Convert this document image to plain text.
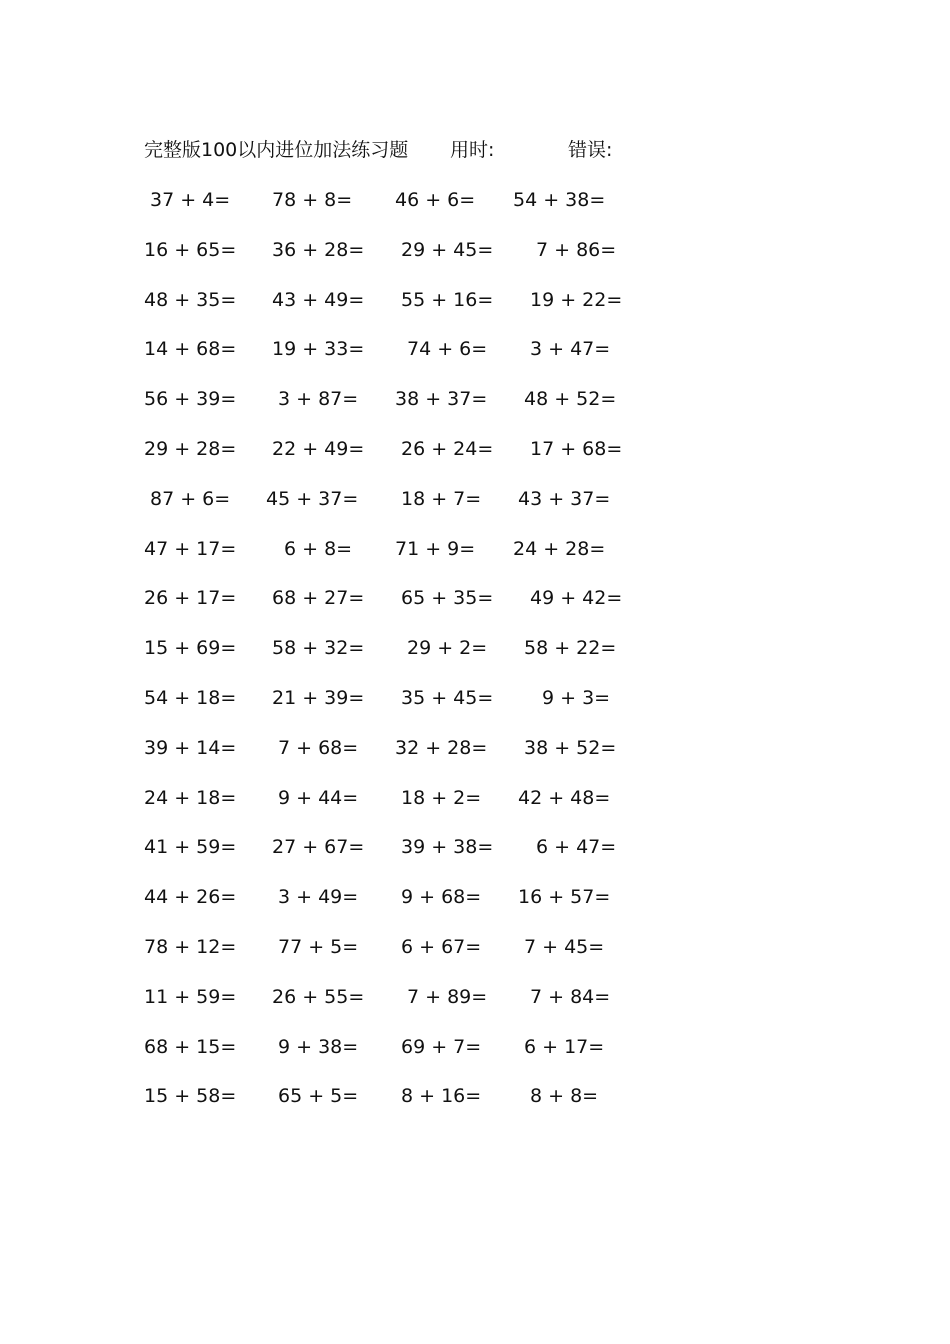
完整版100以内进位加法练习题 用时:	错误:
37 + 4= 78 + 8= 46 + 6= 54 + 38=
16 + 65= 36 + 28= 29 + 45= 7 + 86=
48 + 35= 43 + 49= 55 + 16= 19 + 22=
14 + 68= 19 + 33= 74 + 6= 3 + 47=
56 + 39= 3 + 87= 38 + 37= 48 + 52=
29 + 28= 22 + 49= 26 + 24= 17 + 68=
87 + 6= 45 + 37= 18 + 7= 43 + 37=
47 + 17=	6 + 8= 71 + 9= 24 + 28=
26 + 17= 68 + 27= 65 + 35= 49 + 42=
15 + 69= 58 + 32= 29 + 2= 58 + 22=
54 + 18= 21 + 39= 35 + 45=	9 + 3=
39 + 14= 7 + 68= 32 + 28= 38 + 52=
24 + 18= 9 + 44= 18 + 2= 42 + 48=
41 + 59= 27 + 67= 39 + 38= 6 + 47=
44 + 26= 3 + 49= 9 + 68= 16 + 57=
78 + 12= 77 + 5= 6 + 67= 7 + 45=
11 + 59= 26 + 55= 7 + 89= 7 + 84=
68 + 15= 9 + 38= 69 + 7= 6 + 17=
15 + 58= 65 + 5= 8 + 16=	8 + 8=
